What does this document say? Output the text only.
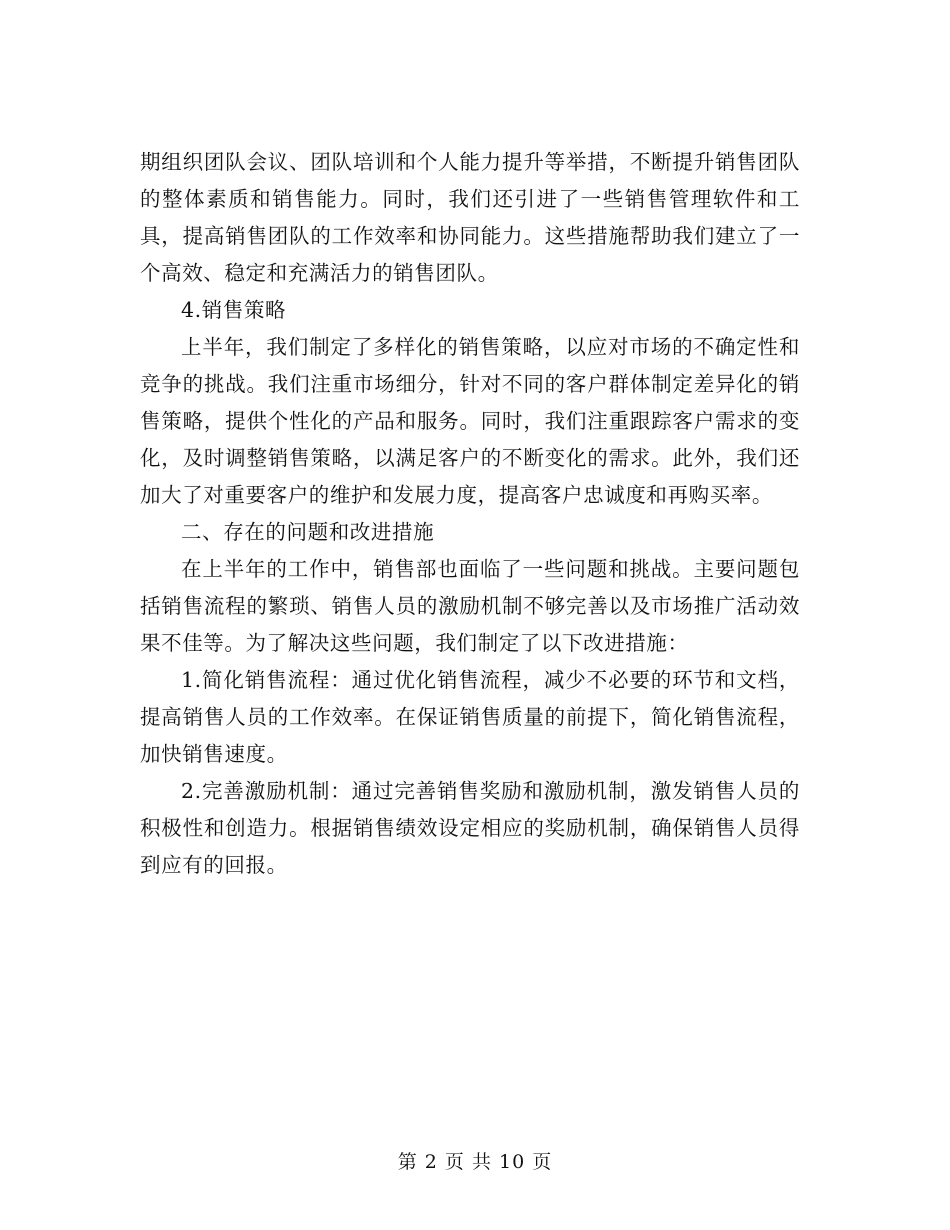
期组织团队会议、团队培训和个人能力提升等举措，不断提升销售团队的整体素质和销售能力。同时，我们还引进了一些销售管理软件和工具，提高销售团队的工作效率和协同能力。这些措施帮助我们建立了一个高效、稳定和充满活力的销售团队。

4.销售策略

上半年，我们制定了多样化的销售策略，以应对市场的不确定性和竞争的挑战。我们注重市场细分，针对不同的客户群体制定差异化的销售策略，提供个性化的产品和服务。同时，我们注重跟踪客户需求的变化，及时调整销售策略，以满足客户的不断变化的需求。此外，我们还加大了对重要客户的维护和发展力度，提高客户忠诚度和再购买率。

二、存在的问题和改进措施

在上半年的工作中，销售部也面临了一些问题和挑战。主要问题包括销售流程的繁琐、销售人员的激励机制不够完善以及市场推广活动效果不佳等。为了解决这些问题，我们制定了以下改进措施：

1.简化销售流程：通过优化销售流程，减少不必要的环节和文档，提高销售人员的工作效率。在保证销售质量的前提下，简化销售流程，加快销售速度。

2.完善激励机制：通过完善销售奖励和激励机制，激发销售人员的积极性和创造力。根据销售绩效设定相应的奖励机制，确保销售人员得到应有的回报。

第 2 页 共 10 页
